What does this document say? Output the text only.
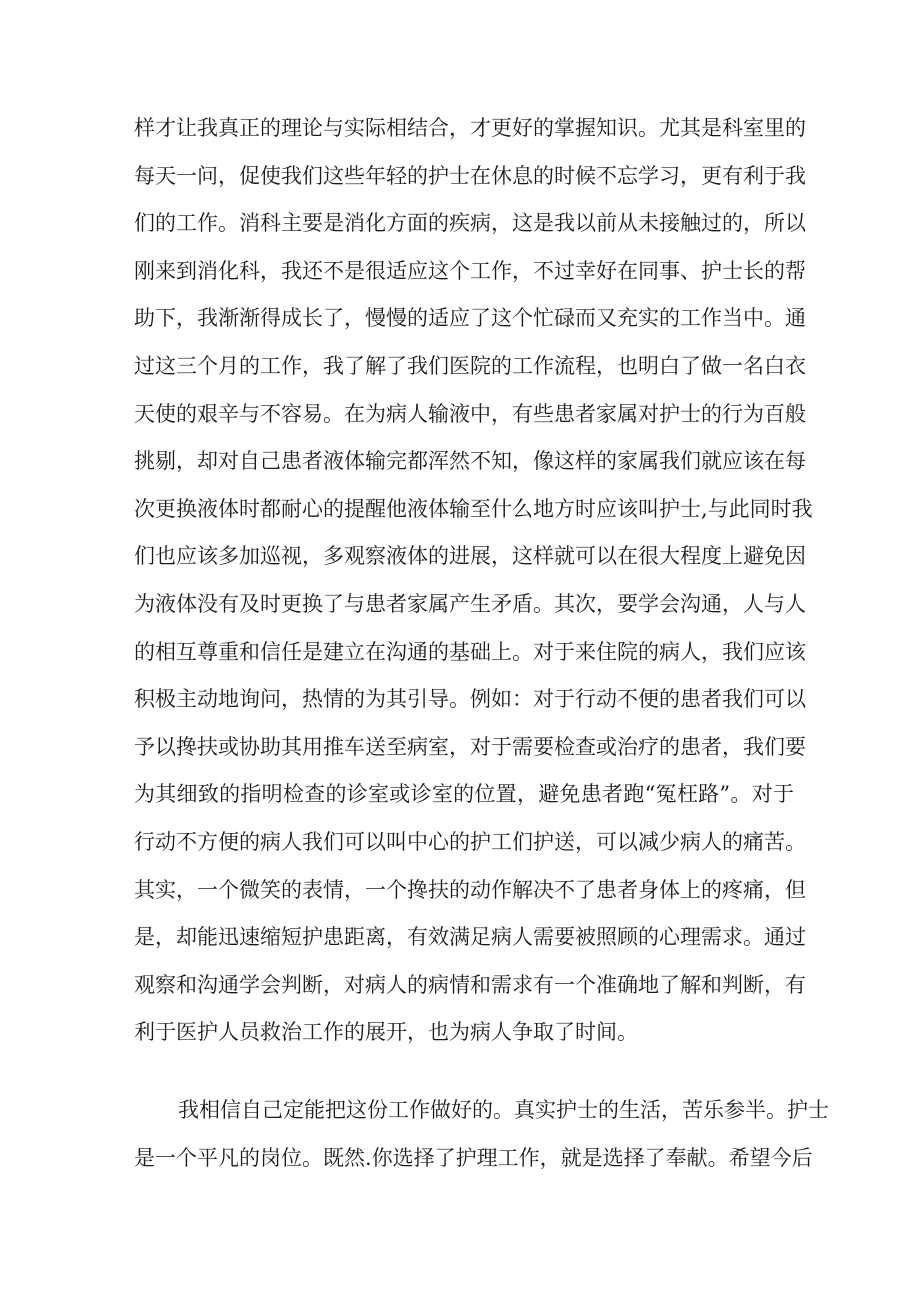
样才让我真正的理论与实际相结合，才更好的掌握知识。尤其是科室里的
每天一问，促使我们这些年轻的护士在休息的时候不忘学习，更有利于我
们的工作。消科主要是消化方面的疾病，这是我以前从未接触过的，所以
刚来到消化科，我还不是很适应这个工作，不过幸好在同事、护士长的帮
助下，我渐渐得成长了，慢慢的适应了这个忙碌而又充实的工作当中。通
过这三个月的工作，我了解了我们医院的工作流程，也明白了做一名白衣
天使的艰辛与不容易。在为病人输液中，有些患者家属对护士的行为百般
挑剔，却对自己患者液体输完都浑然不知，像这样的家属我们就应该在每
次更换液体时都耐心的提醒他液体输至什么地方时应该叫护士,与此同时我
们也应该多加巡视，多观察液体的进展，这样就可以在很大程度上避免因
为液体没有及时更换了与患者家属产生矛盾。其次，要学会沟通，人与人
的相互尊重和信任是建立在沟通的基础上。对于来住院的病人，我们应该
积极主动地询问，热情的为其引导。例如：对于行动不便的患者我们可以
予以搀扶或协助其用推车送至病室，对于需要检查或治疗的患者，我们要
为其细致的指明检查的诊室或诊室的位置，避免患者跑“冤枉路”。对于
行动不方便的病人我们可以叫中心的护工们护送，可以减少病人的痛苦。
其实，一个微笑的表情，一个搀扶的动作解决不了患者身体上的疼痛，但
是，却能迅速缩短护患距离，有效满足病人需要被照顾的心理需求。通过
观察和沟通学会判断，对病人的病情和需求有一个准确地了解和判断，有
利于医护人员救治工作的展开，也为病人争取了时间。
我相信自己定能把这份工作做好的。真实护士的生活，苦乐参半。护士
是一个平凡的岗位。既然.你选择了护理工作，就是选择了奉献。希望今后
